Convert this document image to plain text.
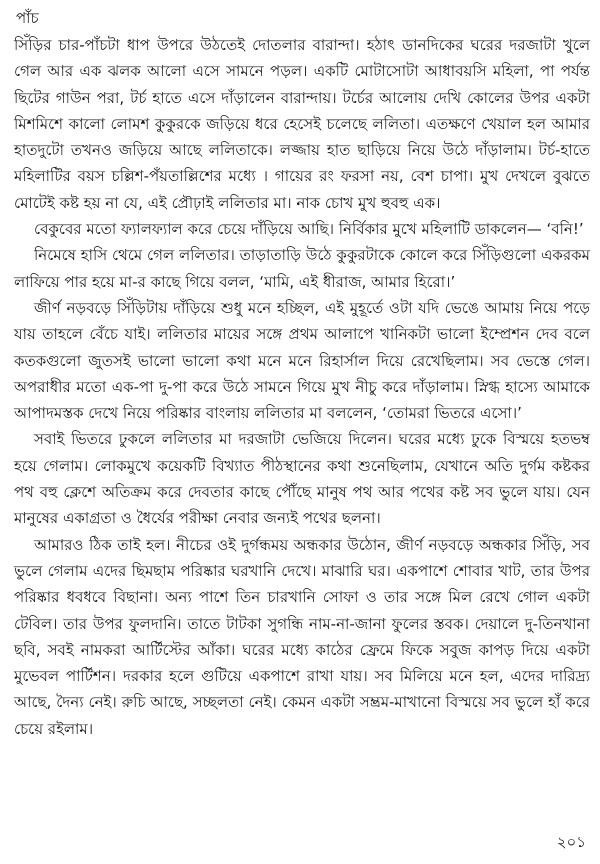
পাঁচ

সিঁড়ির চার-পাঁচটা ধাপ উপরে উঠতেই দোতলার বারান্দা। হঠাৎ ডানদিকের ঘরের দরজাটা খুলে গেল আর এক ঝলক আলো এসে সামনে পড়ল। একটি মোটাসোটা আধাবয়সি মহিলা, পা পর্যন্ত ছিটের গাউন পরা, টর্চ হাতে এসে দাঁড়ালেন বারান্দায়। টর্চের আলোয় দেখি কোলের উপর একটা মিশমিশে কালো লোমশ কুকুরকে জড়িয়ে ধরে হেসেই চলেছে ললিতা। এতক্ষণে খেয়াল হল আমার হাতদুটো তখনও জড়িয়ে আছে ললিতাকে। লজ্জায় হাত ছাড়িয়ে নিয়ে উঠে দাঁড়ালাম। টর্চ-হাতে মহিলাটির বয়স চল্লিশ-পঁয়তাল্লিশের মধ্যে । গায়ের রং ফরসা নয়, বেশ চাপা। মুখ দেখলে বুঝতে মোটেই কষ্ট হয় না যে, এই প্রৌঢ়াই ললিতার মা। নাক চোখ মুখ হুবহু এক।

বেকুবের মতো ফ্যালফ্যাল করে চেয়ে দাঁড়িয়ে আছি। নির্বিকার মুখে মহিলাটি ডাকলেন— ‘বনি!’

নিমেষে হাসি থেমে গেল ললিতার। তাড়াতাড়ি উঠে কুকুরটাকে কোলে করে সিঁড়িগুলো একরকম লাফিয়ে পার হয়ে মা-র কাছে গিয়ে বলল, ‘মামি, এই ধীরাজ, আমার হিরো।’

জীর্ণ নড়বড়ে সিঁড়িটায় দাঁড়িয়ে শুধু মনে হচ্ছিল, এই মুহূর্তে ওটা যদি ভেঙে আমায় নিয়ে পড়ে যায় তাহলে বেঁচে যাই। ললিতার মায়ের সঙ্গে প্রথম আলাপে খানিকটা ভালো ইম্প্রেশন দেব বলে কতকগুলো জুতসই ভালো ভালো কথা মনে মনে রিহার্সাল দিয়ে রেখেছিলাম। সব ভেস্তে গেল। অপরাধীর মতো এক-পা দু-পা করে উঠে সামনে গিয়ে মুখ নীচু করে দাঁড়ালাম। স্নিগ্ধ হাস্যে আমাকে আপাদমস্তক দেখে নিয়ে পরিষ্কার বাংলায় ললিতার মা বললেন, ‘তোমরা ভিতরে এসো।’

সবাই ভিতরে ঢুকলে ললিতার মা দরজাটা ভেজিয়ে দিলেন। ঘরের মধ্যে ঢুকে বিস্ময়ে হতভম্ব হয়ে গেলাম। লোকমুখে কয়েকটি বিখ্যাত পীঠস্থানের কথা শুনেছিলাম, যেখানে অতি দুর্গম কষ্টকর পথ বহু ক্লেশে অতিক্রম করে দেবতার কাছে পৌঁছে মানুষ পথ আর পথের কষ্ট সব ভুলে যায়। যেন মানুষের একাগ্রতা ও ধৈর্যের পরীক্ষা নেবার জন্যই পথের ছলনা।

আমারও ঠিক তাই হল। নীচের ওই দুর্গন্ধময় অন্ধকার উঠোন, জীর্ণ নড়বড়ে অন্ধকার সিঁড়ি, সব ভুলে গেলাম এদের ছিমছাম পরিষ্কার ঘরখানি দেখে। মাঝারি ঘর। একপাশে শোবার খাট, তার উপর পরিষ্কার ধবধবে বিছানা। অন্য পাশে তিন চারখানি সোফা ও তার সঙ্গে মিল রেখে গোল একটা টেবিল। তার উপর ফুলদানি। তাতে টাটকা সুগন্ধি নাম-না-জানা ফুলের স্তবক। দেয়ালে দু-তিনখানা ছবি, সবই নামকরা আর্টিস্টের আঁকা। ঘরের মধ্যে কাঠের ফ্রেমে ফিকে সবুজ কাপড় দিয়ে একটা মুভেবল পার্টিশন। দরকার হলে গুটিয়ে একপাশে রাখা যায়। সব মিলিয়ে মনে হল, এদের দারিদ্র্য আছে, দৈন্য নেই। রুচি আছে, সচ্ছলতা নেই। কেমন একটা সম্ভ্রম-মাখানো বিস্ময়ে সব ভুলে হাঁ করে চেয়ে রইলাম।

২০১
